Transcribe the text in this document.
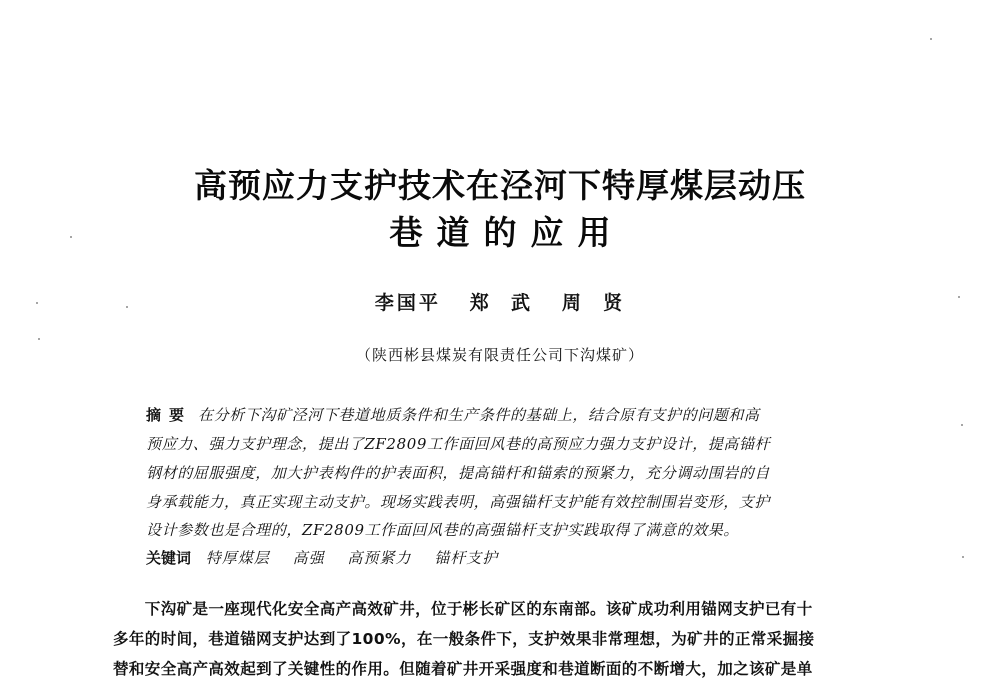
高预应力支护技术在泾河下特厚煤层动压
巷道的应用
李国平   郑  武   周  贤
（陕西彬县煤炭有限责任公司下沟煤矿）
摘要 在分析下沟矿泾河下巷道地质条件和生产条件的基础上，结合原有支护的问题和高
预应力、强力支护理念，提出了ZF2809工作面回风巷的高预应力强力支护设计，提高锚杆
钢材的屈服强度，加大护表构件的护表面积，提高锚杆和锚索的预紧力，充分调动围岩的自
身承载能力，真正实现主动支护。现场实践表明，高强锚杆支护能有效控制围岩变形，支护
设计参数也是合理的，ZF2809工作面回风巷的高强锚杆支护实践取得了满意的效果。
关键词 特厚煤层 高强 高预紧力 锚杆支护
　　下沟矿是一座现代化安全高产高效矿井，位于彬长矿区的东南部。该矿成功利用锚网支护已有十
多年的时间，巷道锚网支护达到了100%，在一般条件下，支护效果非常理想，为矿井的正常采掘接
替和安全高产高效起到了关键性的作用。但随着矿井开采强度和巷道断面的不断增大，加之该矿是单
